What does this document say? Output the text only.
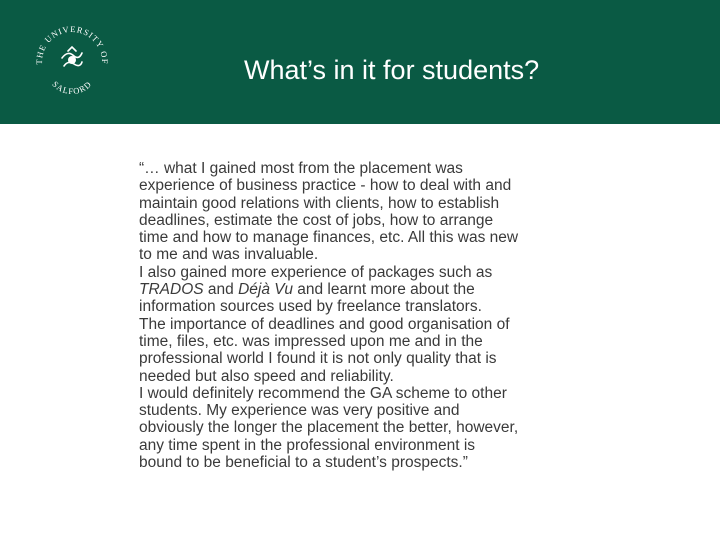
THE UNIVERSITY OF
SALFORD	What’s in it for students?

“… what I gained most from the placement was
experience of business practice - how to deal with and
maintain good relations with clients, how to establish
deadlines, estimate the cost of jobs, how to arrange
time and how to manage finances, etc. All this was new
to me and was invaluable.

I also gained more experience of packages such as
TRADOS and Déjà Vu and learnt more about the
information sources used by freelance translators.

The importance of deadlines and good organisation of
time, files, etc. was impressed upon me and in the
professional world I found it is not only quality that is
needed but also speed and reliability.

I would definitely recommend the GA scheme to other
students. My experience was very positive and
obviously the longer the placement the better, however,
any time spent in the professional environment is
bound to be beneficial to a student’s prospects.”
